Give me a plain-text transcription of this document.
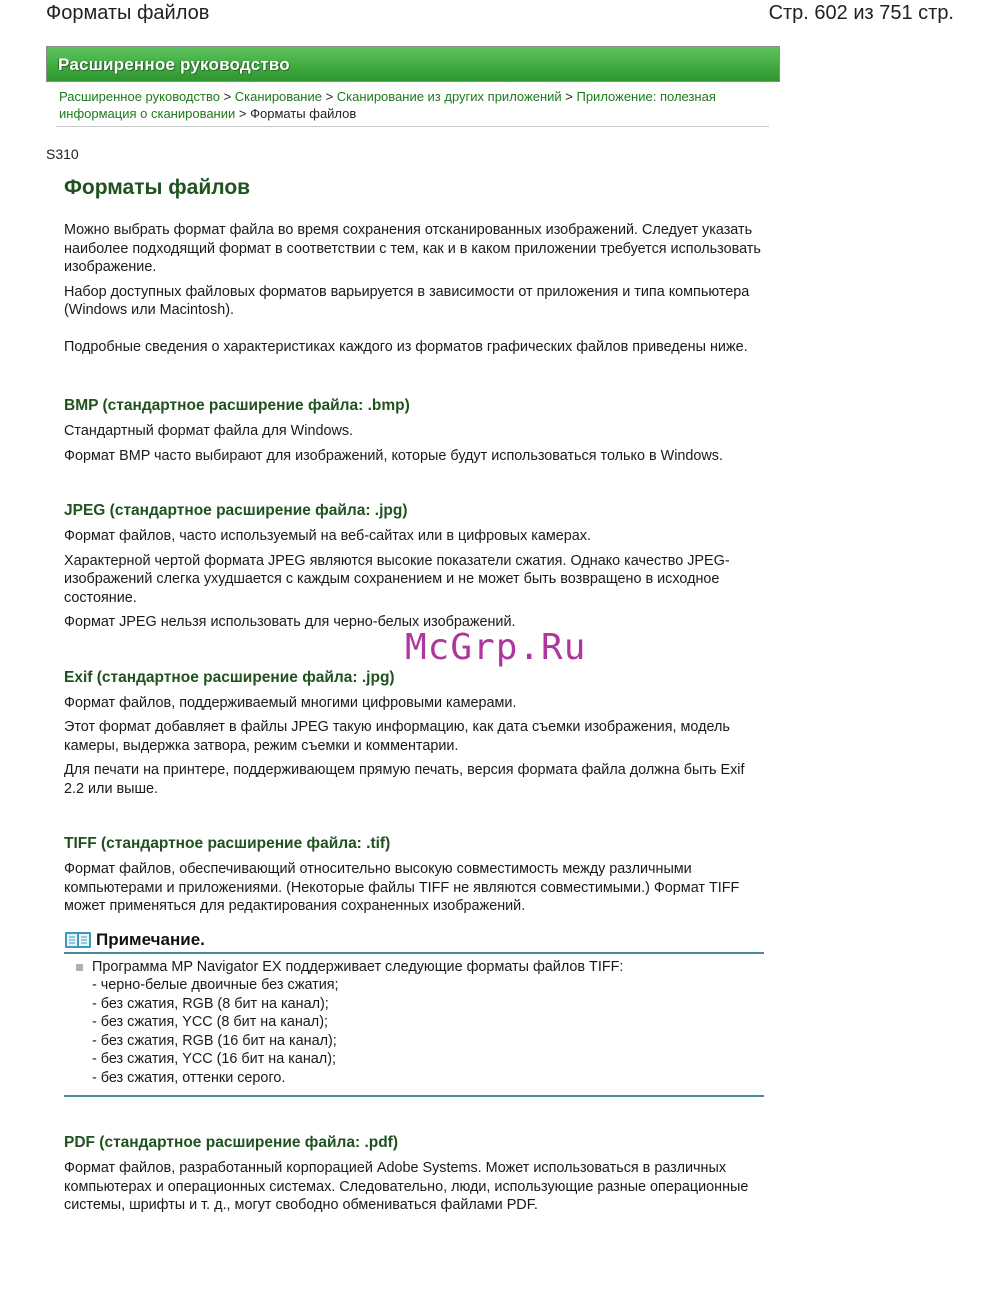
Форматы файлов	Стр. 602 из 751 стр.
Расширенное руководство
Расширенное руководство > Сканирование > Сканирование из других приложений > Приложение: полезная информация о сканировании > Форматы файлов
S310
Форматы файлов

Можно выбрать формат файла во время сохранения отсканированных изображений. Следует указать наиболее подходящий формат в соответствии с тем, как и в каком приложении требуется использовать изображение.

Набор доступных файловых форматов варьируется в зависимости от приложения и типа компьютера (Windows или Macintosh).

Подробные сведения о характеристиках каждого из форматов графических файлов приведены ниже.

BMP (стандартное расширение файла: .bmp)

Стандартный формат файла для Windows.

Формат BMP часто выбирают для изображений, которые будут использоваться только в Windows.

JPEG (стандартное расширение файла: .jpg)

Формат файлов, часто используемый на веб-сайтах или в цифровых камерах.

Характерной чертой формата JPEG являются высокие показатели сжатия. Однако качество JPEG-изображений слегка ухудшается с каждым сохранением и не может быть возвращено в исходное состояние.

Формат JPEG нельзя использовать для черно-белых изображений.

Exif (стандартное расширение файла: .jpg)

Формат файлов, поддерживаемый многими цифровыми камерами.

Этот формат добавляет в файлы JPEG такую информацию, как дата съемки изображения, модель камеры, выдержка затвора, режим съемки и комментарии.

Для печати на принтере, поддерживающем прямую печать, версия формата файла должна быть Exif 2.2 или выше.

TIFF (стандартное расширение файла: .tif)

Формат файлов, обеспечивающий относительно высокую совместимость между различными компьютерами и приложениями. (Некоторые файлы TIFF не являются совместимыми.) Формат TIFF может применяться для редактирования сохраненных изображений.

Примечание.
Программа MP Navigator EX поддерживает следующие форматы файлов TIFF:
- черно-белые двоичные без сжатия;
- без сжатия, RGB (8 бит на канал);
- без сжатия, YCC (8 бит на канал);
- без сжатия, RGB (16 бит на канал);
- без сжатия, YCC (16 бит на канал);
- без сжатия, оттенки серого.
PDF (стандартное расширение файла: .pdf)

Формат файлов, разработанный корпорацией Adobe Systems. Может использоваться в различных компьютерах и операционных системах. Следовательно, люди, использующие разные операционные системы, шрифты и т. д., могут свободно обмениваться файлами PDF.

McGrp.Ru
